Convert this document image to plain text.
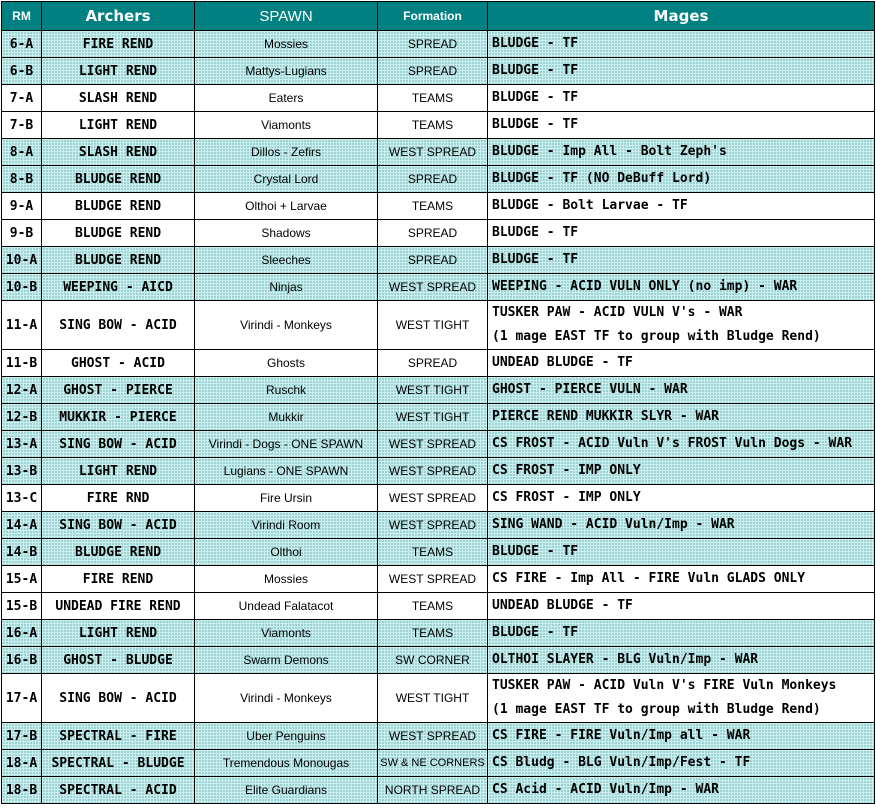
RM	Archers	SPAWN	Formation	Mages
6-A	FIRE REND	Mossies	SPREAD	BLUDGE - TF

6-B	LIGHT REND	Mattys-Lugians	SPREAD	BLUDGE - TF

7-A	SLASH REND	Eaters	TEAMS	BLUDGE - TF

7-B	LIGHT REND	Viamonts	TEAMS	BLUDGE - TF

8-A	SLASH REND	Dillos - Zefirs	WEST SPREAD	BLUDGE - Imp All - Bolt Zeph's

8-B	BLUDGE REND	Crystal Lord	SPREAD	BLUDGE - TF (NO DeBuff Lord)

9-A	BLUDGE REND	Olthoi + Larvae	TEAMS	BLUDGE - Bolt Larvae - TF

9-B	BLUDGE REND	Shadows	SPREAD	BLUDGE - TF

10-A	BLUDGE REND	Sleeches	SPREAD	BLUDGE - TF

10-B	WEEPING - AICD	Ninjas	WEST SPREAD	WEEPING - ACID VULN ONLY (no imp) - WAR

11-A	SING BOW - ACID	Virindi - Monkeys	WEST TIGHT	TUSKER PAW - ACID VULN V's - WAR
(1 mage EAST TF to group with Bludge Rend)

11-B	GHOST - ACID	Ghosts	SPREAD	UNDEAD BLUDGE - TF

12-A	GHOST - PIERCE	Ruschk	WEST TIGHT	GHOST - PIERCE VULN - WAR

12-B	MUKKIR - PIERCE	Mukkir	WEST TIGHT	PIERCE REND MUKKIR SLYR - WAR

13-A	SING BOW - ACID	Virindi - Dogs - ONE SPAWN	WEST SPREAD	CS FROST - ACID Vuln V's FROST Vuln Dogs - WAR

13-B	LIGHT REND	Lugians - ONE SPAWN	WEST SPREAD	CS FROST - IMP ONLY

13-C	FIRE RND	Fire Ursin	WEST SPREAD	CS FROST - IMP ONLY

14-A	SING BOW - ACID	Virindi Room	WEST SPREAD	SING WAND - ACID Vuln/Imp - WAR

14-B	BLUDGE REND	Olthoi	TEAMS	BLUDGE - TF

15-A	FIRE REND	Mossies	WEST SPREAD	CS FIRE - Imp All - FIRE Vuln GLADS ONLY

15-B	UNDEAD FIRE REND	Undead Falatacot	TEAMS	UNDEAD BLUDGE - TF

16-A	LIGHT REND	Viamonts	TEAMS	BLUDGE - TF

16-B	GHOST - BLUDGE	Swarm Demons	SW CORNER	OLTHOI SLAYER - BLG Vuln/Imp - WAR

17-A	SING BOW - ACID	Virindi - Monkeys	WEST TIGHT	TUSKER PAW - ACID Vuln V's FIRE Vuln Monkeys
(1 mage EAST TF to group with Bludge Rend)

17-B	SPECTRAL - FIRE	Uber Penguins	WEST SPREAD	CS FIRE - FIRE Vuln/Imp all - WAR

18-A	SPECTRAL - BLUDGE	Tremendous Monougas	SW & NE CORNERS	CS Bludg - BLG Vuln/Imp/Fest - TF

18-B	SPECTRAL - ACID	Elite Guardians	NORTH SPREAD	CS Acid - ACID Vuln/Imp - WAR
